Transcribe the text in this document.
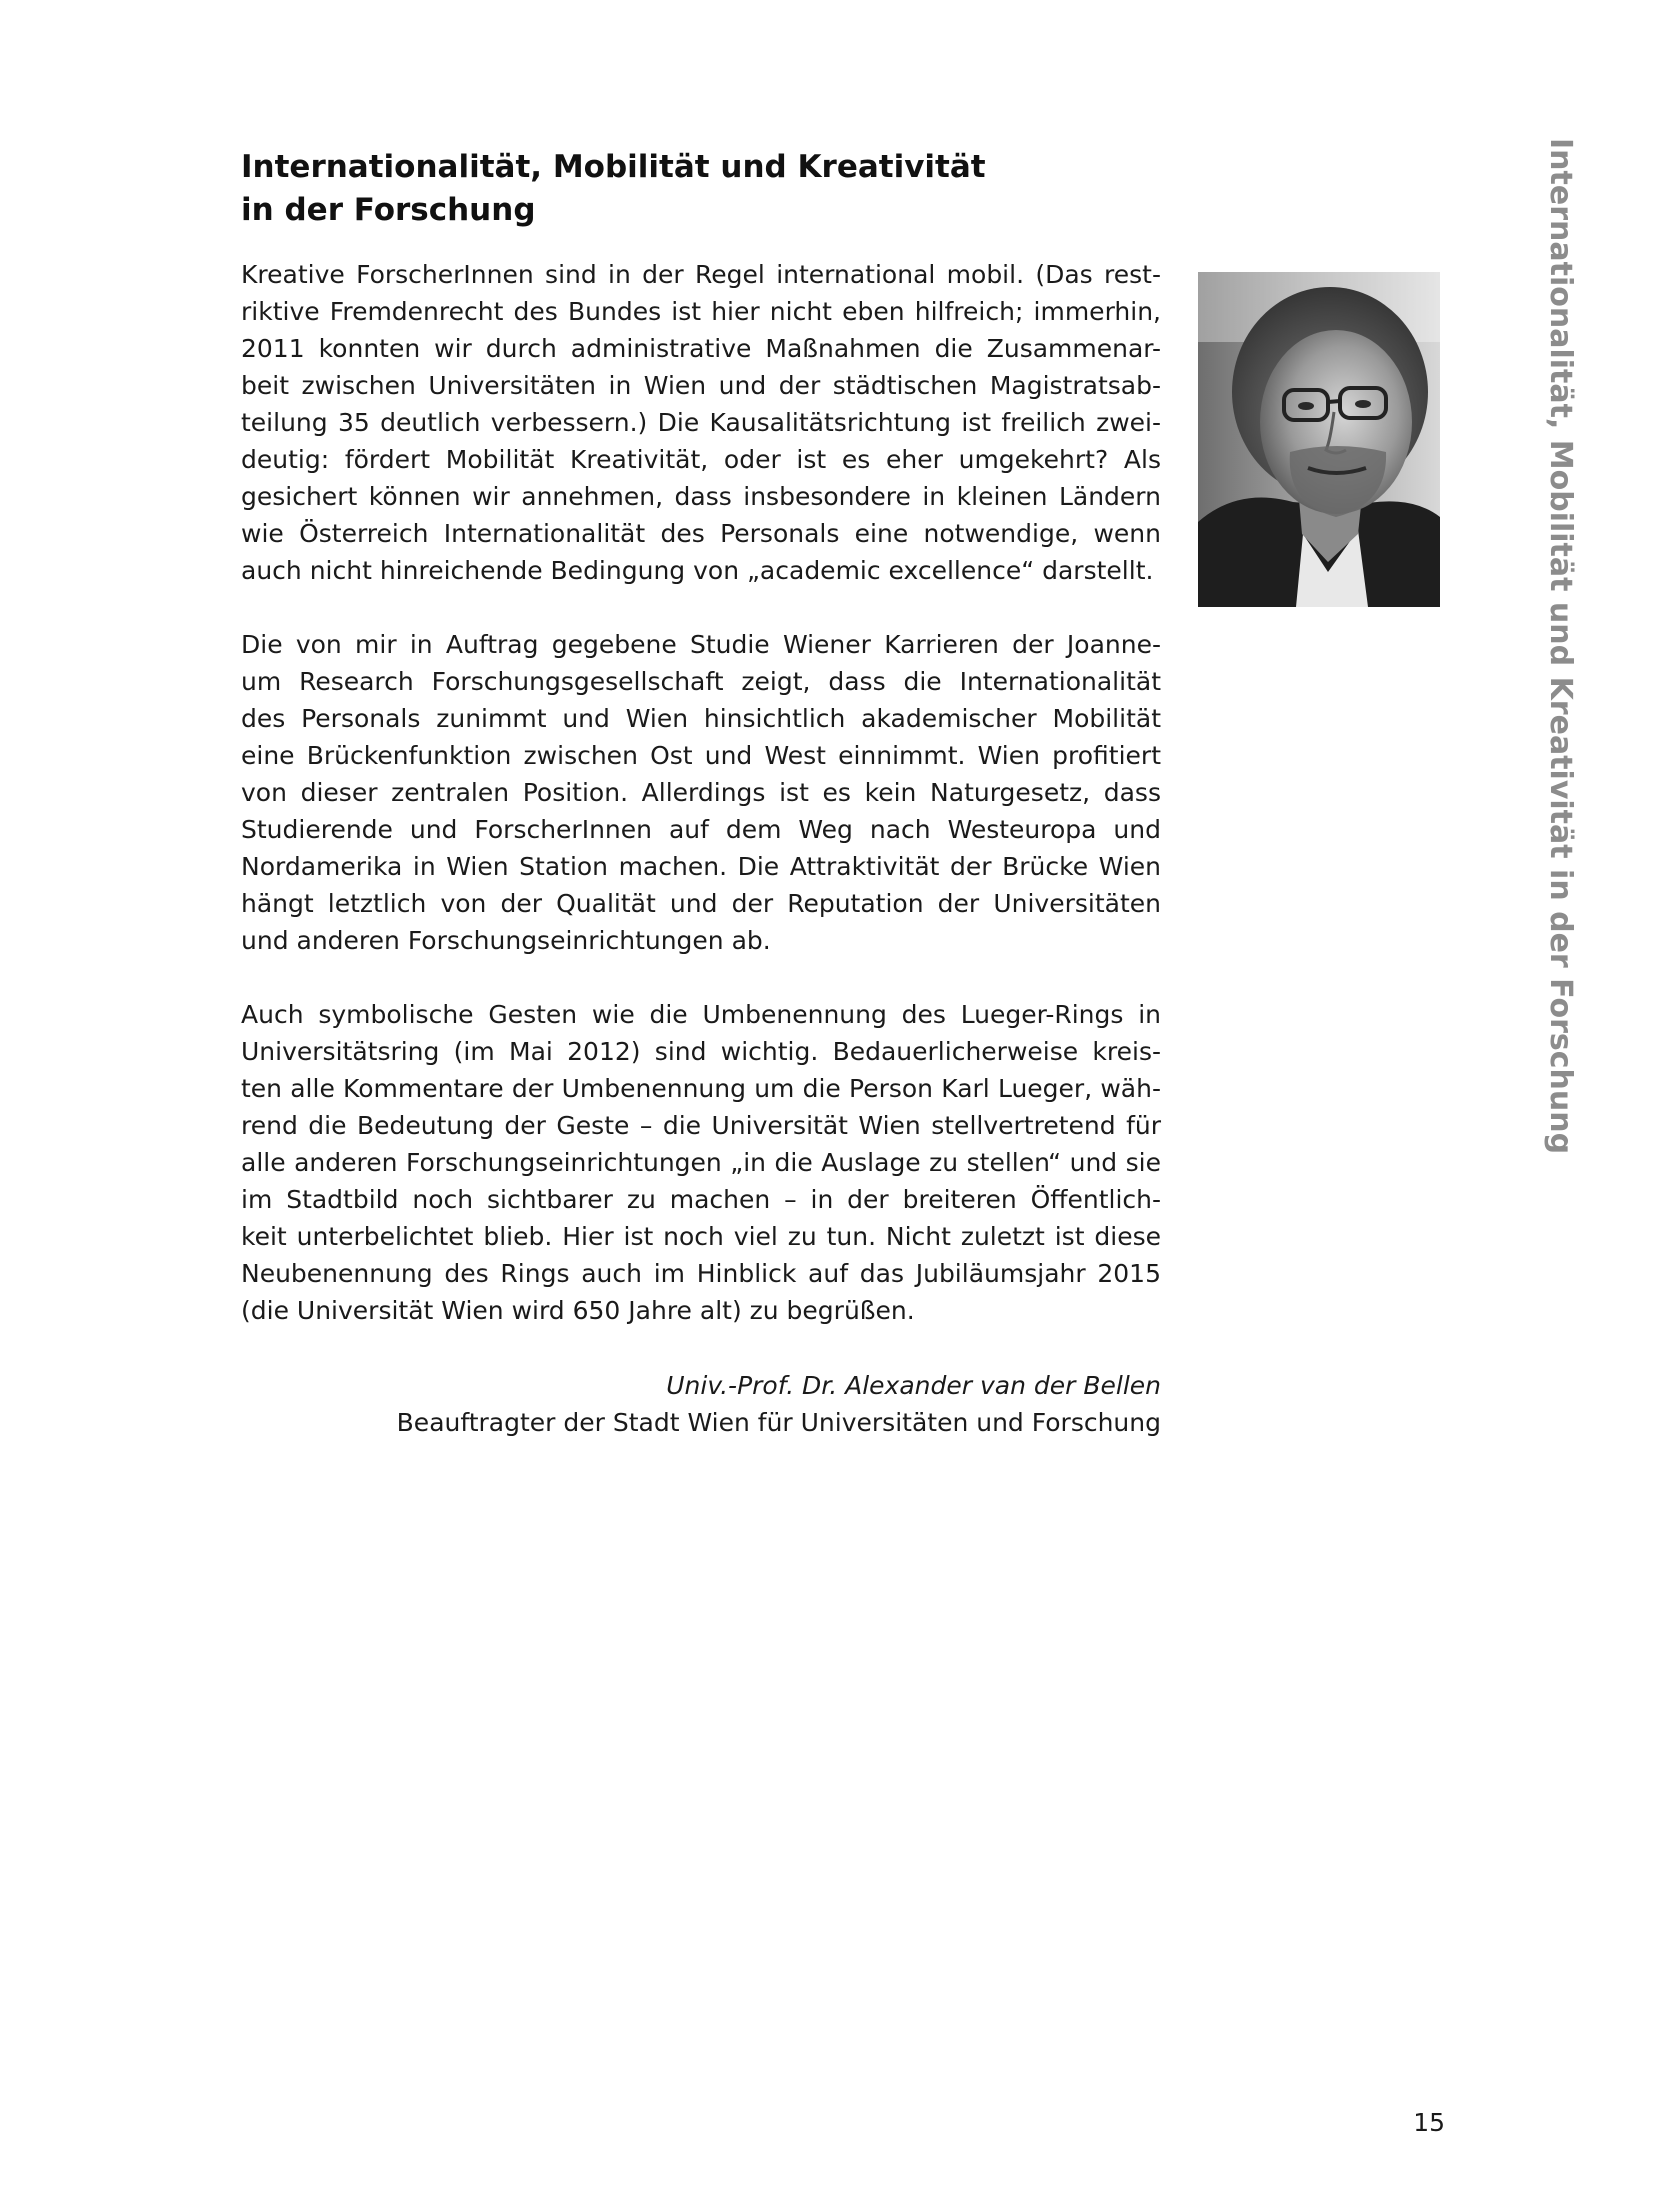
Internationalität, Mobilität und Kreativität
in der Forschung

Kreative ForscherInnen sind in der Regel international mobil. (Das rest-
riktive Fremdenrecht des Bundes ist hier nicht eben hilfreich; immerhin,
2011 konnten wir durch administrative Maßnahmen die Zusammenar-
beit zwischen Universitäten in Wien und der städtischen Magistratsab-
teilung 35 deutlich verbessern.) Die Kausalitätsrichtung ist freilich zwei-
deutig: fördert Mobilität Kreativität, oder ist es eher umgekehrt? Als
gesichert können wir annehmen, dass insbesondere in kleinen Ländern
wie Österreich Internationalität des Personals eine notwendige, wenn
auch nicht hinreichende Bedingung von „academic excellence“ darstellt.

Die von mir in Auftrag gegebene Studie Wiener Karrieren der Joanne-
um Research Forschungsgesellschaft zeigt, dass die Internationalität
des Personals zunimmt und Wien hinsichtlich akademischer Mobilität
eine Brückenfunktion zwischen Ost und West einnimmt. Wien profitiert
von dieser zentralen Position. Allerdings ist es kein Naturgesetz, dass
Studierende und ForscherInnen auf dem Weg nach Westeuropa und
Nordamerika in Wien Station machen. Die Attraktivität der Brücke Wien
hängt letztlich von der Qualität und der Reputation der Universitäten
und anderen Forschungseinrichtungen ab.

Auch symbolische Gesten wie die Umbenennung des Lueger-Rings in
Universitätsring (im Mai 2012) sind wichtig. Bedauerlicherweise kreis-
ten alle Kommentare der Umbenennung um die Person Karl Lueger, wäh-
rend die Bedeutung der Geste – die Universität Wien stellvertretend für
alle anderen Forschungseinrichtungen „in die Auslage zu stellen“ und sie
im Stadtbild noch sichtbarer zu machen – in der breiteren Öffentlich-
keit unterbelichtet blieb. Hier ist noch viel zu tun. Nicht zuletzt ist diese
Neubenennung des Rings auch im Hinblick auf das Jubiläumsjahr 2015
(die Universität Wien wird 650 Jahre alt) zu begrüßen.

Univ.-Prof. Dr. Alexander van der Bellen
Beauftragter der Stadt Wien für Universitäten und Forschung
Internationalität, Mobilität und Kreativität in der Forschung
15
